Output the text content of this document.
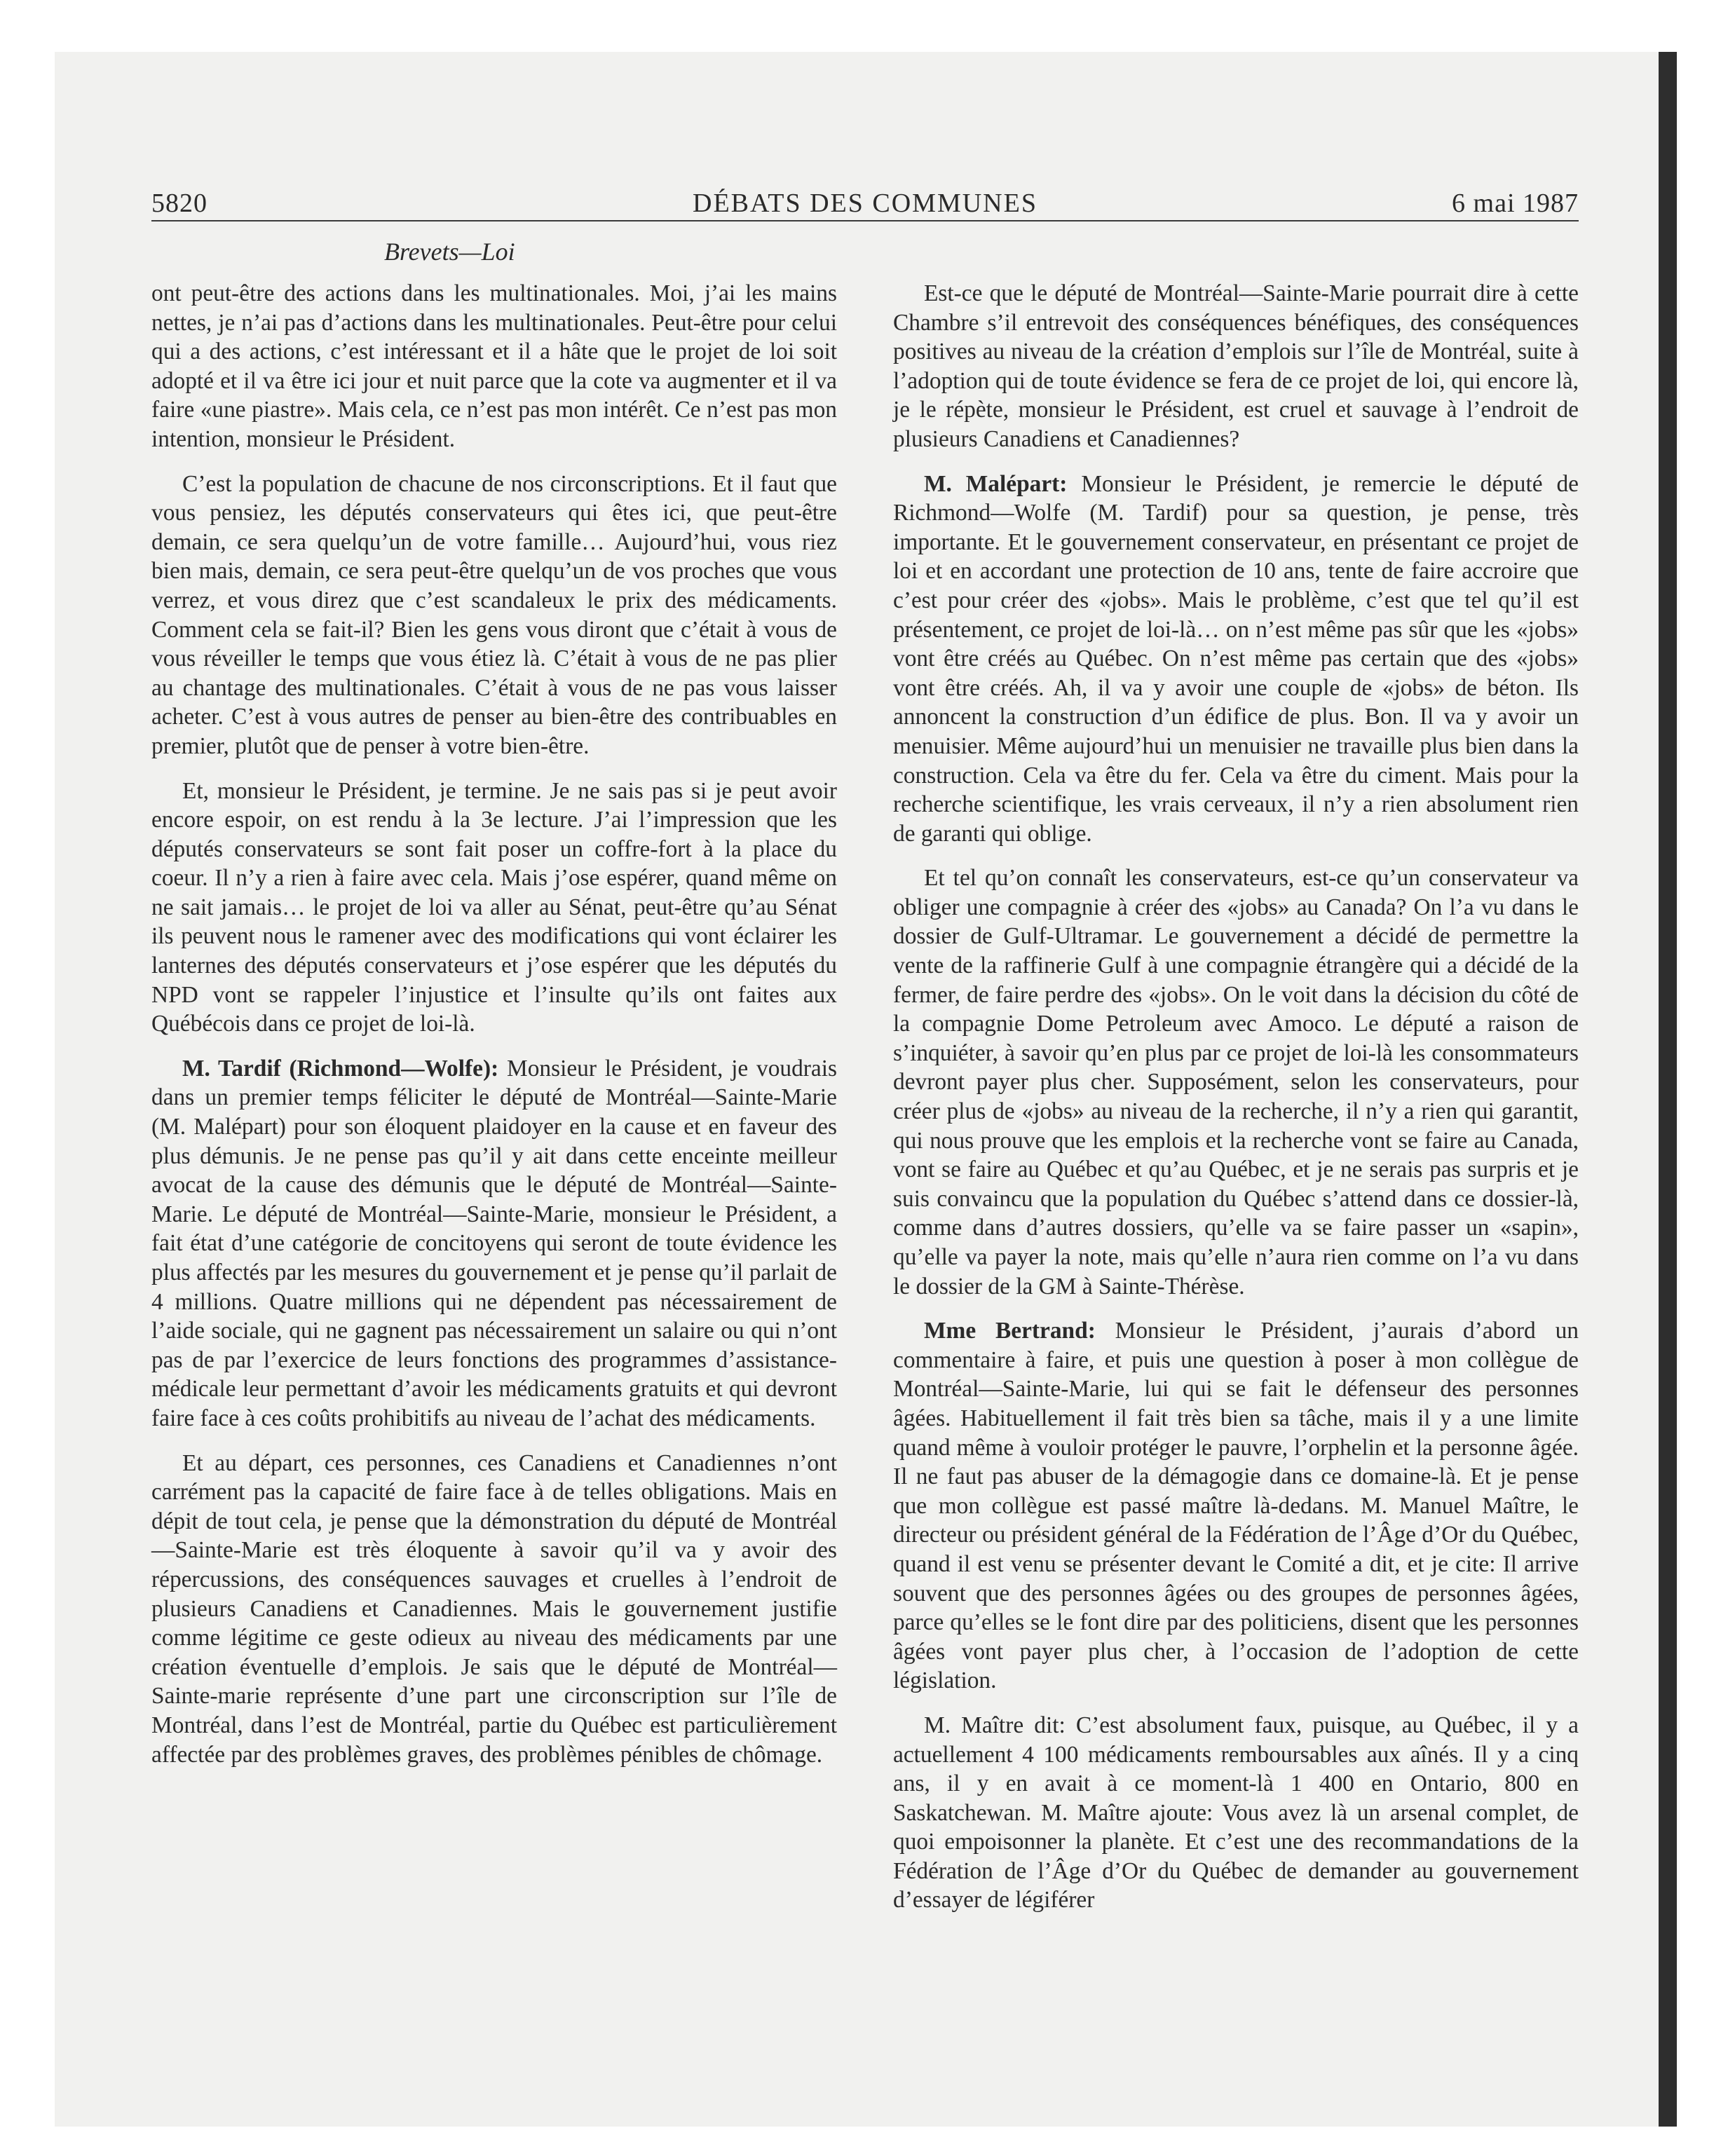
5820	DÉBATS DES COMMUNES	6 mai 1987
Brevets—Loi

ont peut-être des actions dans les multinationales. Moi, j’ai les mains nettes, je n’ai pas d’actions dans les multinationales. Peut-être pour celui qui a des actions, c’est intéressant et il a hâte que le projet de loi soit adopté et il va être ici jour et nuit parce que la cote va augmenter et il va faire «une piastre». Mais cela, ce n’est pas mon intérêt. Ce n’est pas mon intention, monsieur le Président.

C’est la population de chacune de nos circonscriptions. Et il faut que vous pensiez, les députés conservateurs qui êtes ici, que peut-être demain, ce sera quelqu’un de votre famille… Aujourd’hui, vous riez bien mais, demain, ce sera peut-être quelqu’un de vos proches que vous verrez, et vous direz que c’est scandaleux le prix des médicaments. Comment cela se fait-il? Bien les gens vous diront que c’était à vous de vous réveiller le temps que vous étiez là. C’était à vous de ne pas plier au chantage des multinationales. C’était à vous de ne pas vous laisser acheter. C’est à vous autres de penser au bien-être des contribuables en premier, plutôt que de penser à votre bien-être.

Et, monsieur le Président, je termine. Je ne sais pas si je peut avoir encore espoir, on est rendu à la 3e lecture. J’ai l’impression que les députés conservateurs se sont fait poser un coffre-fort à la place du coeur. Il n’y a rien à faire avec cela. Mais j’ose espérer, quand même on ne sait jamais… le projet de loi va aller au Sénat, peut-être qu’au Sénat ils peuvent nous le ramener avec des modifications qui vont éclairer les lanternes des députés conservateurs et j’ose espérer que les députés du NPD vont se rappeler l’injustice et l’insulte qu’ils ont faites aux Québécois dans ce projet de loi-là.

M. Tardif (Richmond—Wolfe): Monsieur le Président, je voudrais dans un premier temps féliciter le député de Montréal—Sainte-Marie (M. Malépart) pour son éloquent plaidoyer en la cause et en faveur des plus démunis. Je ne pense pas qu’il y ait dans cette enceinte meilleur avocat de la cause des démunis que le député de Montréal—Sainte-Marie. Le député de Montréal—Sainte-Marie, monsieur le Président, a fait état d’une catégorie de concitoyens qui seront de toute évidence les plus affectés par les mesures du gouvernement et je pense qu’il parlait de 4 millions. Quatre millions qui ne dépendent pas nécessairement de l’aide sociale, qui ne gagnent pas nécessairement un salaire ou qui n’ont pas de par l’exercice de leurs fonctions des programmes d’assistance-médicale leur permettant d’avoir les médicaments gratuits et qui devront faire face à ces coûts prohibitifs au niveau de l’achat des médicaments.

Et au départ, ces personnes, ces Canadiens et Canadiennes n’ont carrément pas la capacité de faire face à de telles obligations. Mais en dépit de tout cela, je pense que la démonstration du député de Montréal—Sainte-Marie est très éloquente à savoir qu’il va y avoir des répercussions, des conséquences sauvages et cruelles à l’endroit de plusieurs Canadiens et Canadiennes. Mais le gouvernement justifie comme légitime ce geste odieux au niveau des médicaments par une création éventuelle d’emplois. Je sais que le député de Montréal—Sainte-marie représente d’une part une circonscription sur l’île de Montréal, dans l’est de Montréal, partie du Québec est particulièrement affectée par des problèmes graves, des problèmes pénibles de chômage.

Est-ce que le député de Montréal—Sainte-Marie pourrait dire à cette Chambre s’il entrevoit des conséquences bénéfiques, des conséquences positives au niveau de la création d’emplois sur l’île de Montréal, suite à l’adoption qui de toute évidence se fera de ce projet de loi, qui encore là, je le répète, monsieur le Président, est cruel et sauvage à l’endroit de plusieurs Canadiens et Canadiennes?

M. Malépart: Monsieur le Président, je remercie le député de Richmond—Wolfe (M. Tardif) pour sa question, je pense, très importante. Et le gouvernement conservateur, en présentant ce projet de loi et en accordant une protection de 10 ans, tente de faire accroire que c’est pour créer des «jobs». Mais le problème, c’est que tel qu’il est présentement, ce projet de loi-là… on n’est même pas sûr que les «jobs» vont être créés au Québec. On n’est même pas certain que des «jobs» vont être créés. Ah, il va y avoir une couple de «jobs» de béton. Ils annoncent la construction d’un édifice de plus. Bon. Il va y avoir un menuisier. Même aujourd’hui un menuisier ne travaille plus bien dans la construction. Cela va être du fer. Cela va être du ciment. Mais pour la recherche scientifique, les vrais cerveaux, il n’y a rien absolument rien de garanti qui oblige.

Et tel qu’on connaît les conservateurs, est-ce qu’un conservateur va obliger une compagnie à créer des «jobs» au Canada? On l’a vu dans le dossier de Gulf-Ultramar. Le gouvernement a décidé de permettre la vente de la raffinerie Gulf à une compagnie étrangère qui a décidé de la fermer, de faire perdre des «jobs». On le voit dans la décision du côté de la compagnie Dome Petroleum avec Amoco. Le député a raison de s’inquiéter, à savoir qu’en plus par ce projet de loi-là les consommateurs devront payer plus cher. Supposément, selon les conservateurs, pour créer plus de «jobs» au niveau de la recherche, il n’y a rien qui garantit, qui nous prouve que les emplois et la recherche vont se faire au Canada, vont se faire au Québec et qu’au Québec, et je ne serais pas surpris et je suis convaincu que la population du Québec s’attend dans ce dossier-là, comme dans d’autres dossiers, qu’elle va se faire passer un «sapin», qu’elle va payer la note, mais qu’elle n’aura rien comme on l’a vu dans le dossier de la GM à Sainte-Thérèse.

Mme Bertrand: Monsieur le Président, j’aurais d’abord un commentaire à faire, et puis une question à poser à mon collègue de Montréal—Sainte-Marie, lui qui se fait le défenseur des personnes âgées. Habituellement il fait très bien sa tâche, mais il y a une limite quand même à vouloir protéger le pauvre, l’orphelin et la personne âgée. Il ne faut pas abuser de la démagogie dans ce domaine-là. Et je pense que mon collègue est passé maître là-dedans. M. Manuel Maître, le directeur ou président général de la Fédération de l’Âge d’Or du Québec, quand il est venu se présenter devant le Comité a dit, et je cite: Il arrive souvent que des personnes âgées ou des groupes de personnes âgées, parce qu’elles se le font dire par des politiciens, disent que les personnes âgées vont payer plus cher, à l’occasion de l’adoption de cette législation.

M. Maître dit: C’est absolument faux, puisque, au Québec, il y a actuellement 4 100 médicaments remboursables aux aînés. Il y a cinq ans, il y en avait à ce moment-là 1 400 en Ontario, 800 en Saskatchewan. M. Maître ajoute: Vous avez là un arsenal complet, de quoi empoisonner la planète. Et c’est une des recommandations de la Fédération de l’Âge d’Or du Québec de demander au gouvernement d’essayer de légiférer
